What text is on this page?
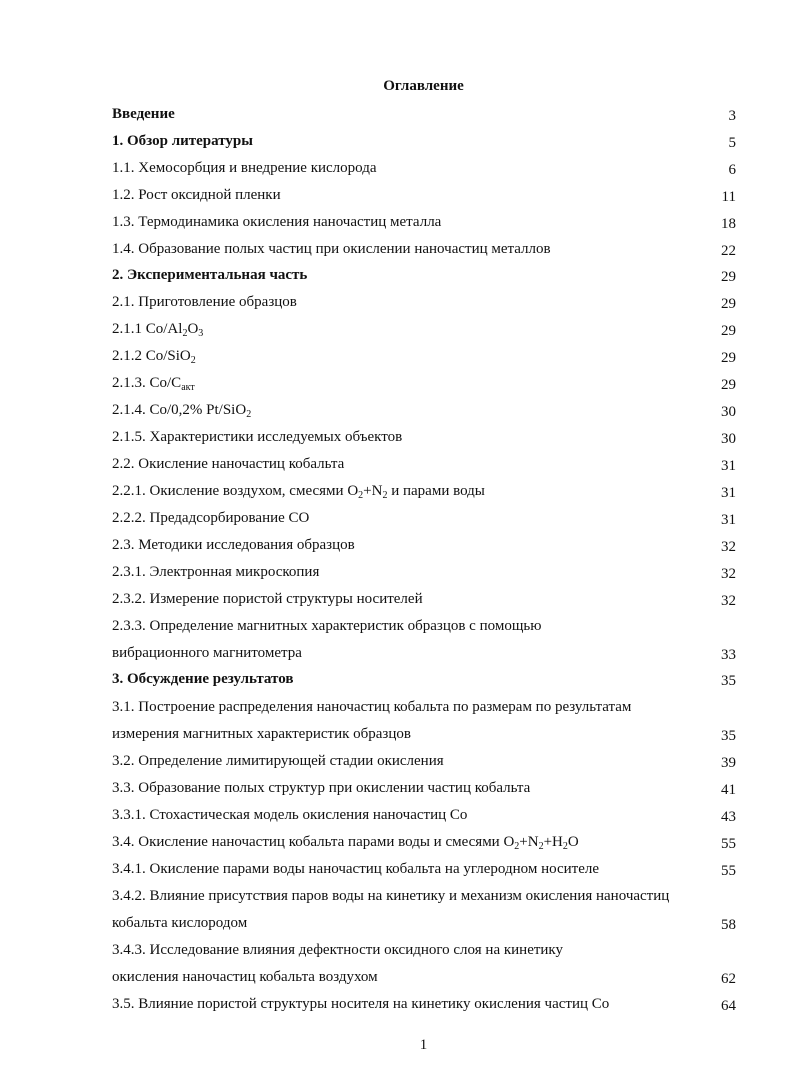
Оглавление
Введение	3
1. Обзор литературы	5
1.1. Хемосорбция и внедрение кислорода	6
1.2. Рост оксидной пленки	11
1.3. Термодинамика окисления наночастиц металла	18
1.4. Образование полых частиц при окислении наночастиц металлов	22
2. Экспериментальная часть	29
2.1. Приготовление образцов	29
2.1.1 $Co/Al_2O_3$	29
2.1.2 Co/SiO$_2$	29
2.1.3. $Co/C_{акт}$	29
2.1.4. Co/0,2% Pt/SiO$_2$	30
2.1.5. Характеристики исследуемых объектов	30
2.2. Окисление наночастиц кобальта	31
2.2.1. Окисление воздухом, смесями $O_2+N_2$ и парами воды	31
2.2.2. Предадсорбирование CO	31
2.3. Методики исследования образцов	32
2.3.1. Электронная микроскопия	32
2.3.2. Измерение пористой структуры носителей	32
2.3.3. Определение магнитных характеристик образцов с помощью
вибрационного магнитометра	33
3. Обсуждение результатов	35
3.1. Построение распределения наночастиц кобальта по размерам по результатам
измерения магнитных характеристик образцов	35
3.2. Определение лимитирующей стадии окисления	39
3.3. Образование полых структур при окислении частиц кобальта	41
3.3.1. Стохастическая модель окисления наночастиц Co	43
3.4. Окисление наночастиц кобальта парами воды и смесями $O_2+N_2+H_2O$	55
3.4.1. Окисление парами воды наночастиц кобальта на углеродном носителе	55
3.4.2. Влияние присутствия паров воды на кинетику и механизм окисления наночастиц
кобальта кислородом	58
3.4.3. Исследование влияния дефектности оксидного слоя на кинетику
окисления наночастиц кобальта воздухом	62
3.5. Влияние пористой структуры носителя на кинетику окисления частиц Co	64
1
